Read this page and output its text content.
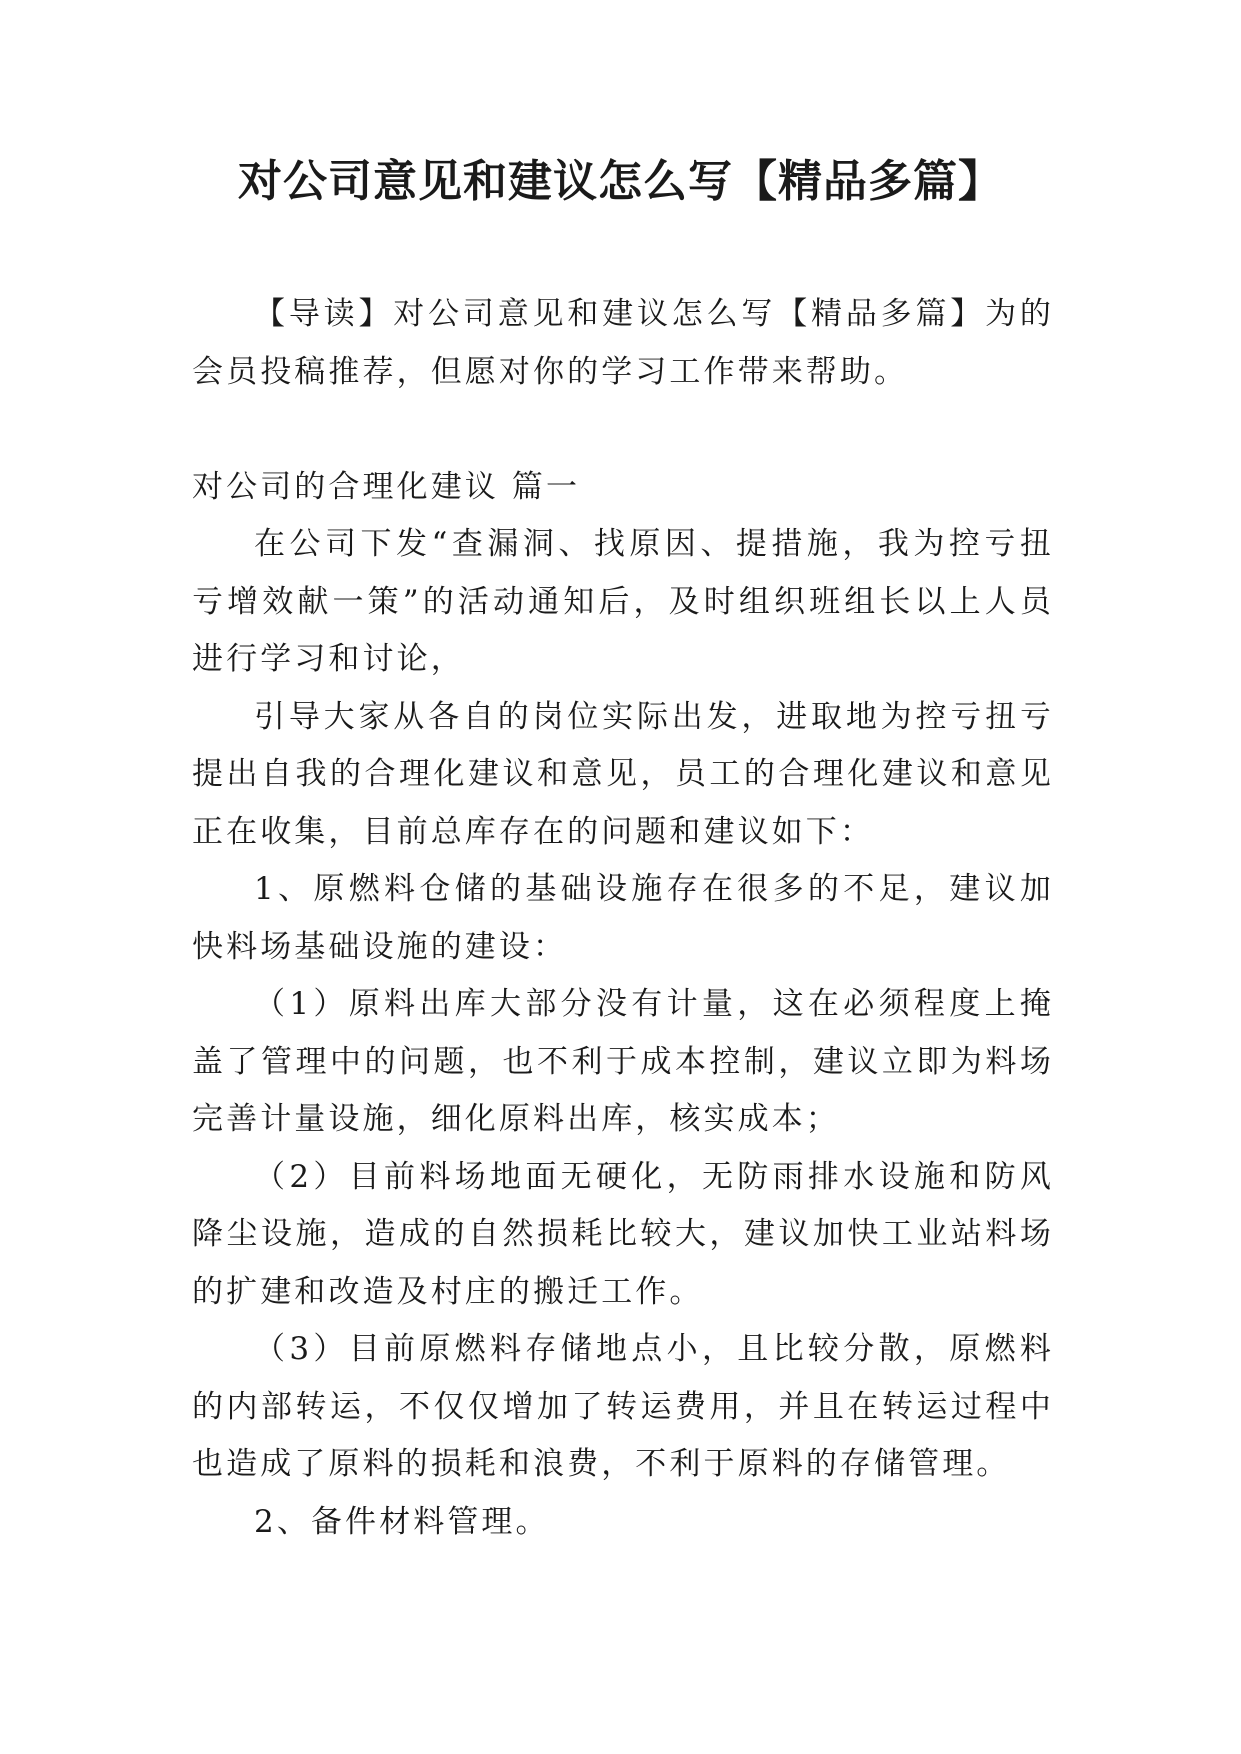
对公司意见和建议怎么写【精品多篇】

【导读】对公司意见和建议怎么写【精品多篇】为的会员投稿推荐，但愿对你的学习工作带来帮助。

对公司的合理化建议 篇一

在公司下发“查漏洞、找原因、提措施，我为控亏扭亏增效献一策”的活动通知后，及时组织班组长以上人员进行学习和讨论，

引导大家从各自的岗位实际出发，进取地为控亏扭亏提出自我的合理化建议和意见，员工的合理化建议和意见正在收集，目前总库存在的问题和建议如下：

1、原燃料仓储的基础设施存在很多的不足，建议加快料场基础设施的建设：

（1）原料出库大部分没有计量，这在必须程度上掩盖了管理中的问题，也不利于成本控制，建议立即为料场完善计量设施，细化原料出库，核实成本；

（2）目前料场地面无硬化，无防雨排水设施和防风降尘设施，造成的自然损耗比较大，建议加快工业站料场的扩建和改造及村庄的搬迁工作。

（3）目前原燃料存储地点小，且比较分散，原燃料的内部转运，不仅仅增加了转运费用，并且在转运过程中也造成了原料的损耗和浪费，不利于原料的存储管理。

2、备件材料管理。
